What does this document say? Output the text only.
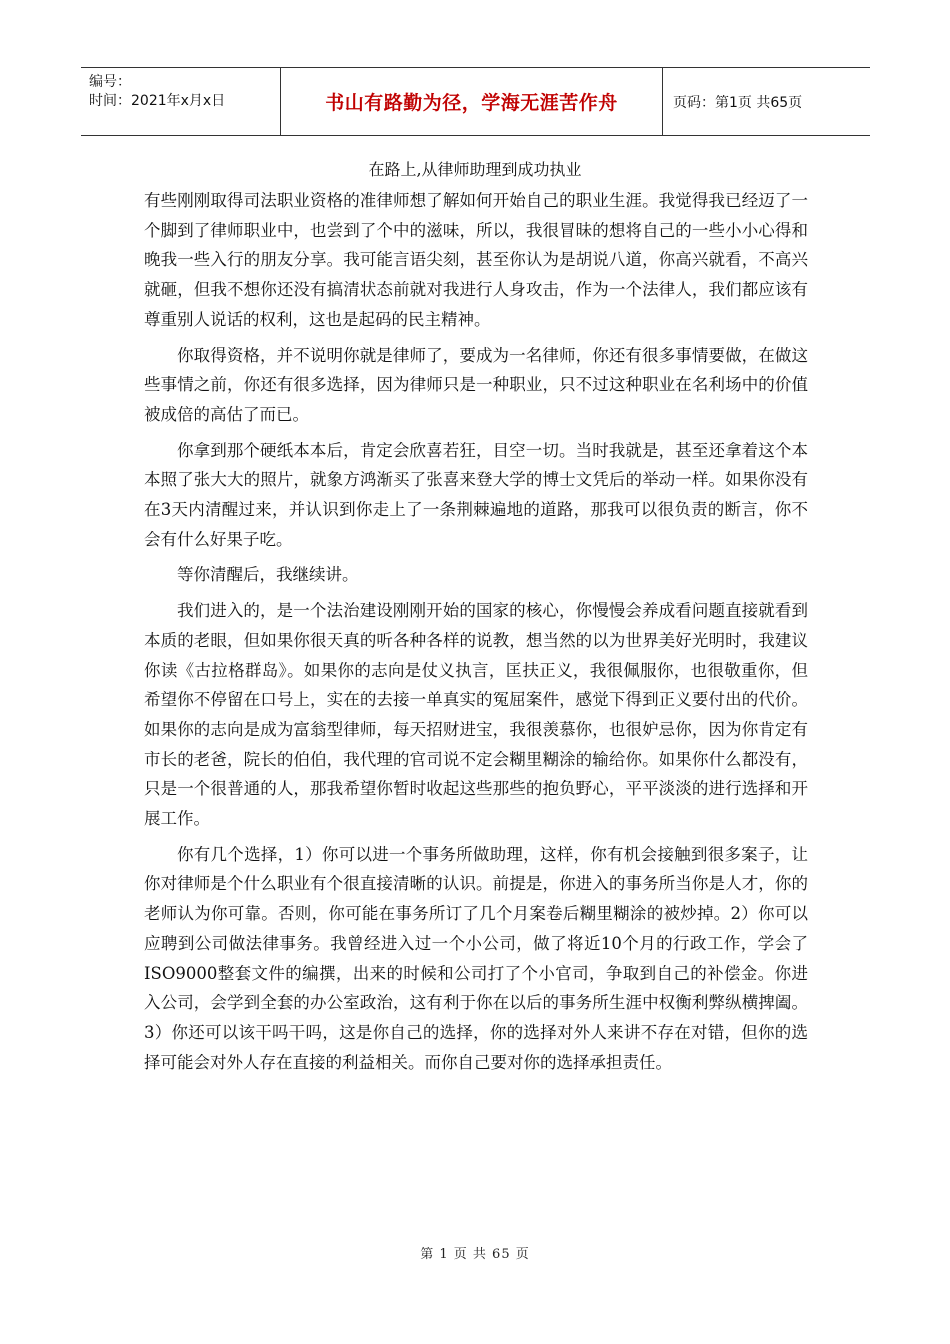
编号：
时间：2021年x月x日	书山有路勤为径，学海无涯苦作舟	页码：第1页 共65页
在路上,从律师助理到成功执业

有些刚刚取得司法职业资格的准律师想了解如何开始自己的职业生涯。我觉得我已经迈了一个脚到了律师职业中，也尝到了个中的滋味，所以，我很冒昧的想将自己的一些小小心得和晚我一些入行的朋友分享。我可能言语尖刻，甚至你认为是胡说八道，你高兴就看，不高兴就砸，但我不想你还没有搞清状态前就对我进行人身攻击，作为一个法律人，我们都应该有尊重别人说话的权利，这也是起码的民主精神。

你取得资格，并不说明你就是律师了，要成为一名律师，你还有很多事情要做，在做这些事情之前，你还有很多选择，因为律师只是一种职业，只不过这种职业在名利场中的价值被成倍的高估了而已。

你拿到那个硬纸本本后，肯定会欣喜若狂，目空一切。当时我就是，甚至还拿着这个本本照了张大大的照片，就象方鸿渐买了张喜来登大学的博士文凭后的举动一样。如果你没有在3天内清醒过来，并认识到你走上了一条荆棘遍地的道路，那我可以很负责的断言，你不会有什么好果子吃。

等你清醒后，我继续讲。

我们进入的，是一个法治建设刚刚开始的国家的核心，你慢慢会养成看问题直接就看到本质的老眼，但如果你很天真的听各种各样的说教，想当然的以为世界美好光明时，我建议你读《古拉格群岛》。如果你的志向是仗义执言，匡扶正义，我很佩服你，也很敬重你，但希望你不停留在口号上，实在的去接一单真实的冤屈案件，感觉下得到正义要付出的代价。如果你的志向是成为富翁型律师，每天招财进宝，我很羡慕你，也很妒忌你，因为你肯定有市长的老爸，院长的伯伯，我代理的官司说不定会糊里糊涂的输给你。如果你什么都没有，只是一个很普通的人，那我希望你暂时收起这些那些的抱负野心，平平淡淡的进行选择和开展工作。

你有几个选择，1）你可以进一个事务所做助理，这样，你有机会接触到很多案子，让你对律师是个什么职业有个很直接清晰的认识。前提是，你进入的事务所当你是人才，你的老师认为你可靠。否则，你可能在事务所订了几个月案卷后糊里糊涂的被炒掉。2）你可以应聘到公司做法律事务。我曾经进入过一个小公司，做了将近10个月的行政工作，学会了ISO9000整套文件的编撰，出来的时候和公司打了个小官司，争取到自己的补偿金。你进入公司，会学到全套的办公室政治，这有利于你在以后的事务所生涯中权衡利弊纵横捭阖。3）你还可以该干吗干吗，这是你自己的选择，你的选择对外人来讲不存在对错，但你的选择可能会对外人存在直接的利益相关。而你自己要对你的选择承担责任。

第 1 页 共 65 页
